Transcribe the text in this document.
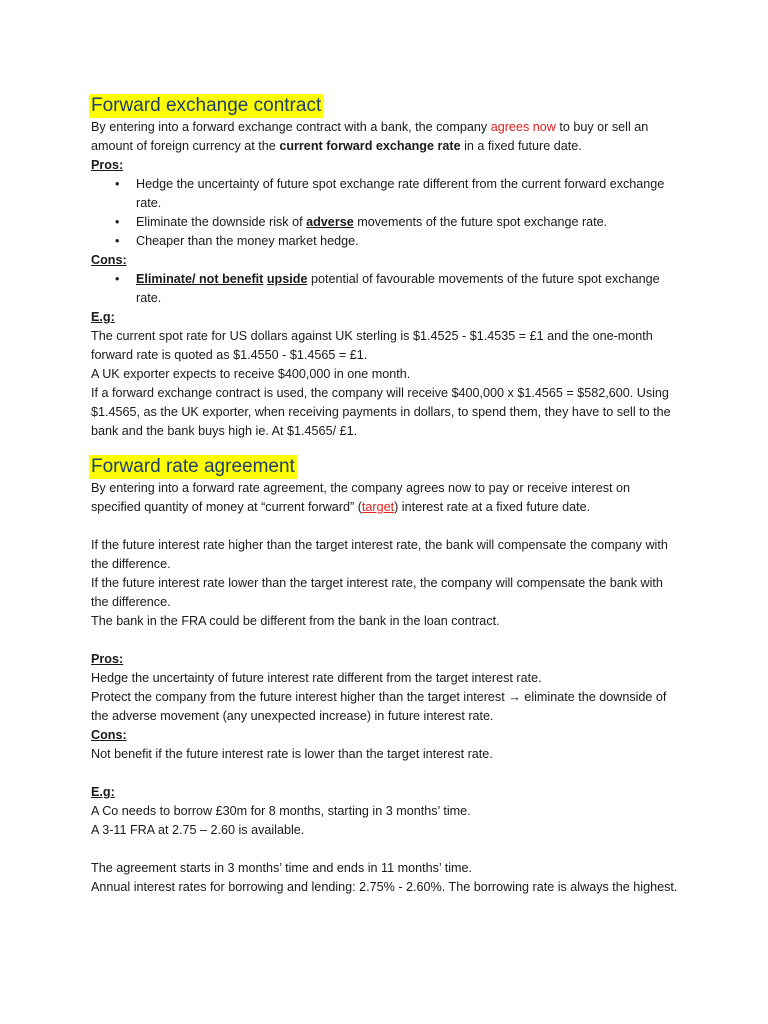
Forward exchange contract

By entering into a forward exchange contract with a bank, the company agrees now to buy or sell an amount of foreign currency at the current forward exchange rate in a fixed future date.

Pros:

• Hedge the uncertainty of future spot exchange rate different from the current forward exchange rate.
• Eliminate the downside risk of adverse movements of the future spot exchange rate.
• Cheaper than the money market hedge.

Cons:

• Eliminate/ not benefit upside potential of favourable movements of the future spot exchange rate.

E.g:

The current spot rate for US dollars against UK sterling is $1.4525 - $1.4535 = £1 and the one-month forward rate is quoted as $1.4550 - $1.4565 = £1.

A UK exporter expects to receive $400,000 in one month.

If a forward exchange contract is used, the company will receive $400,000 x $1.4565 = $582,600. Using $1.4565, as the UK exporter, when receiving payments in dollars, to spend them, they have to sell to the bank and the bank buys high ie. At $1.4565/ £1.

Forward rate agreement

By entering into a forward rate agreement, the company agrees now to pay or receive interest on specified quantity of money at “current forward” (target) interest rate at a fixed future date.

If the future interest rate higher than the target interest rate, the bank will compensate the company with the difference.

If the future interest rate lower than the target interest rate, the company will compensate the bank with the difference.

The bank in the FRA could be different from the bank in the loan contract.

Pros:

Hedge the uncertainty of future interest rate different from the target interest rate.

Protect the company from the future interest higher than the target interest → eliminate the downside of the adverse movement (any unexpected increase) in future interest rate.

Cons:

Not benefit if the future interest rate is lower than the target interest rate.

E.g:

A Co needs to borrow £30m for 8 months, starting in 3 months’ time.

A 3-11 FRA at 2.75 – 2.60 is available.

The agreement starts in 3 months’ time and ends in 11 months’ time.

Annual interest rates for borrowing and lending: 2.75% - 2.60%. The borrowing rate is always the highest.
